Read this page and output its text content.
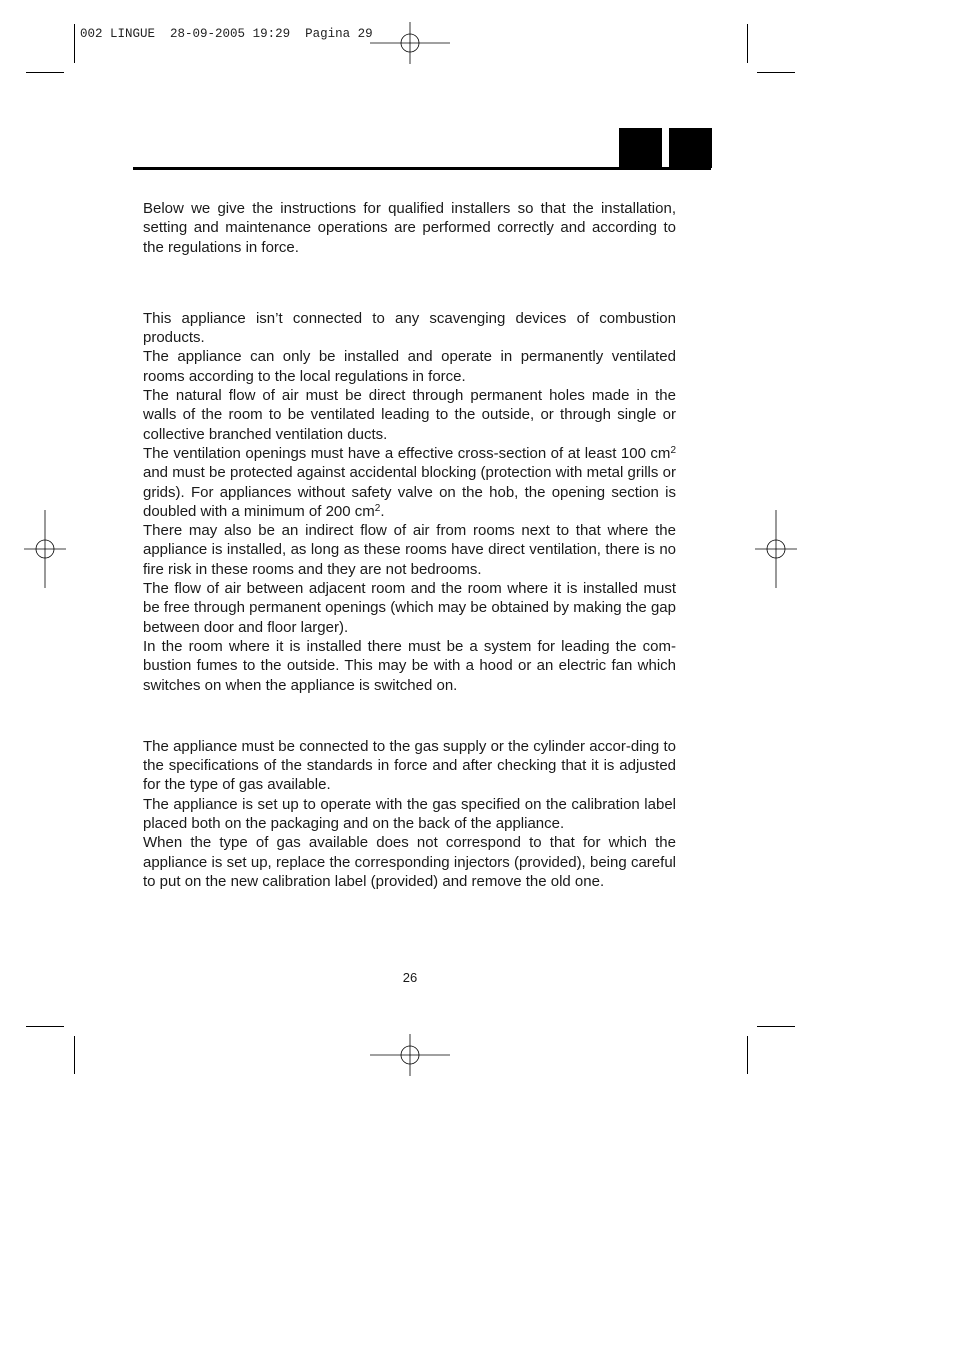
002 LINGUE 28-09-2005 19:29 Pagina 29

Below we give the instructions for qualified installers so that the installation, setting and maintenance operations are performed correctly and according to the regulations in force.

This appliance isn’t connected to any scavenging devices of combustion products.

The appliance can only be installed and operate in permanently ventilated rooms according to the local regulations in force.

The natural flow of air must be direct through permanent holes made in the walls of the room to be ventilated leading to the outside, or through single or collective branched ventilation ducts.

The ventilation openings must have a effective cross-section of at least 100 $cm^2$ and must be protected against accidental blocking (protection with metal grills or grids). For appliances without safety valve on the hob, the opening section is doubled with a minimum of 200 $cm^2$.

There may also be an indirect flow of air from rooms next to that where the appliance is installed, as long as these rooms have direct ventilation, there is no fire risk in these rooms and they are not bedrooms.

The flow of air between adjacent room and the room where it is installed must be free through permanent openings (which may be obtained by making the gap between door and floor larger).

In the room where it is installed there must be a system for leading the com-bustion fumes to the outside. This may be with a hood or an electric fan which switches on when the appliance is switched on.

The appliance must be connected to the gas supply or the cylinder accor-ding to the specifications of the standards in force and after checking that it is adjusted for the type of gas available.

The appliance is set up to operate with the gas specified on the calibration label placed both on the packaging and on the back of the appliance.

When the type of gas available does not correspond to that for which the appliance is set up, replace the corresponding injectors (provided), being careful to put on the new calibration label (provided) and remove the old one.

26
